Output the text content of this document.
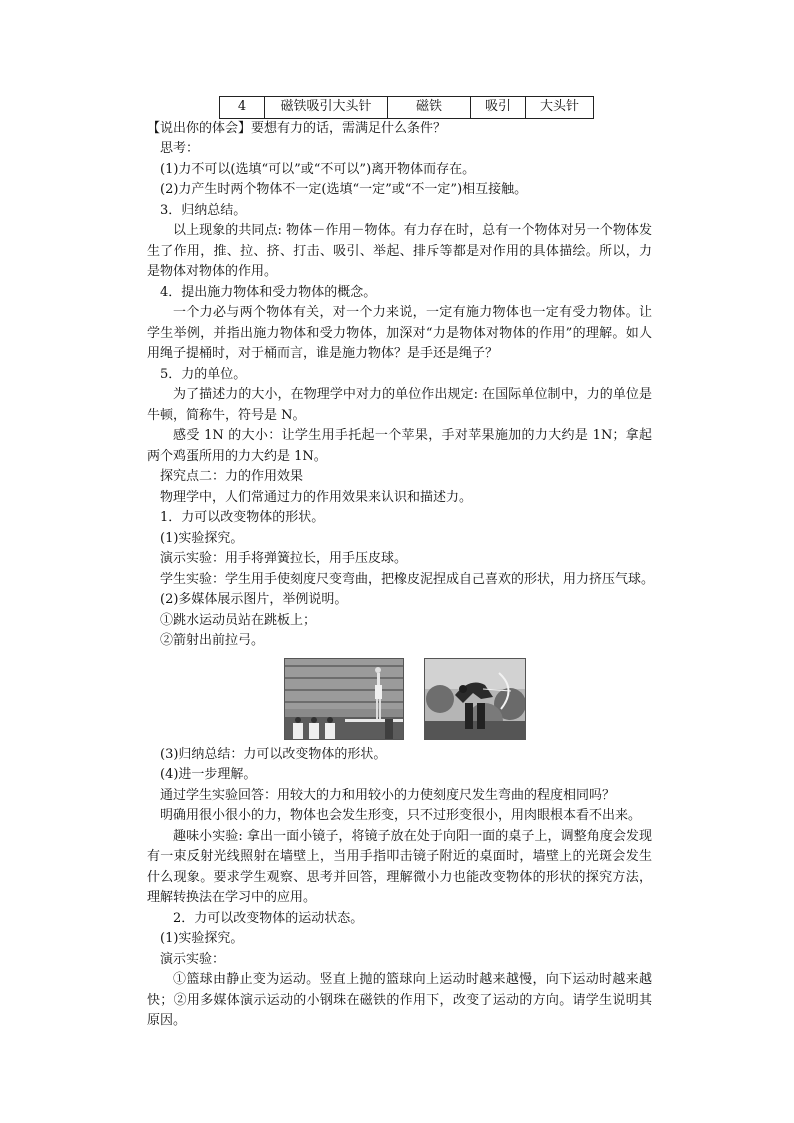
4	磁铁吸引大头针	磁铁	吸引	大头针
【说出你的体会】要想有力的话，需满足什么条件？
思考：
(1)力不可以(选填“可以”或“不可以”)离开物体而存在。
(2)力产生时两个物体不一定(选填“一定”或“不一定”)相互接触。
3．归纳总结。
以上现象的共同点: 物体－作用－物体。有力存在时，总有一个物体对另一个物体发生了作用，推、拉、挤、打击、吸引、举起、排斥等都是对作用的具体描绘。所以，力是物体对物体的作用。
4．提出施力物体和受力物体的概念。
一个力必与两个物体有关，对一个力来说，一定有施力物体也一定有受力物体。让学生举例，并指出施力物体和受力物体，加深对“力是物体对物体的作用”的理解。如人用绳子提桶时，对于桶而言，谁是施力物体？是手还是绳子？
5．力的单位。
为了描述力的大小，在物理学中对力的单位作出规定: 在国际单位制中，力的单位是牛顿，简称牛，符号是 N。
感受 1N 的大小：让学生用手托起一个苹果，手对苹果施加的力大约是 1N；拿起两个鸡蛋所用的力大约是 1N。
探究点二：力的作用效果
物理学中，人们常通过力的作用效果来认识和描述力。
1．力可以改变物体的形状。
(1)实验探究。
演示实验：用手将弹簧拉长，用手压皮球。
学生实验：学生用手使刻度尺变弯曲，把橡皮泥捏成自己喜欢的形状，用力挤压气球。
(2)多媒体展示图片，举例说明。
①跳水运动员站在跳板上；
②箭射出前拉弓。
(3)归纳总结：力可以改变物体的形状。
(4)进一步理解。
通过学生实验回答：用较大的力和用较小的力使刻度尺发生弯曲的程度相同吗？
明确用很小很小的力，物体也会发生形变，只不过形变很小，用肉眼根本看不出来。
趣味小实验: 拿出一面小镜子，将镜子放在处于向阳一面的桌子上，调整角度会发现有一束反射光线照射在墙壁上，当用手指叩击镜子附近的桌面时，墙壁上的光斑会发生什么现象。要求学生观察、思考并回答，理解微小力也能改变物体的形状的探究方法，理解转换法在学习中的应用。
2．力可以改变物体的运动状态。
(1)实验探究。
演示实验：
①篮球由静止变为运动。竖直上抛的篮球向上运动时越来越慢，向下运动时越来越快；②用多媒体演示运动的小钢珠在磁铁的作用下，改变了运动的方向。请学生说明其原因。
